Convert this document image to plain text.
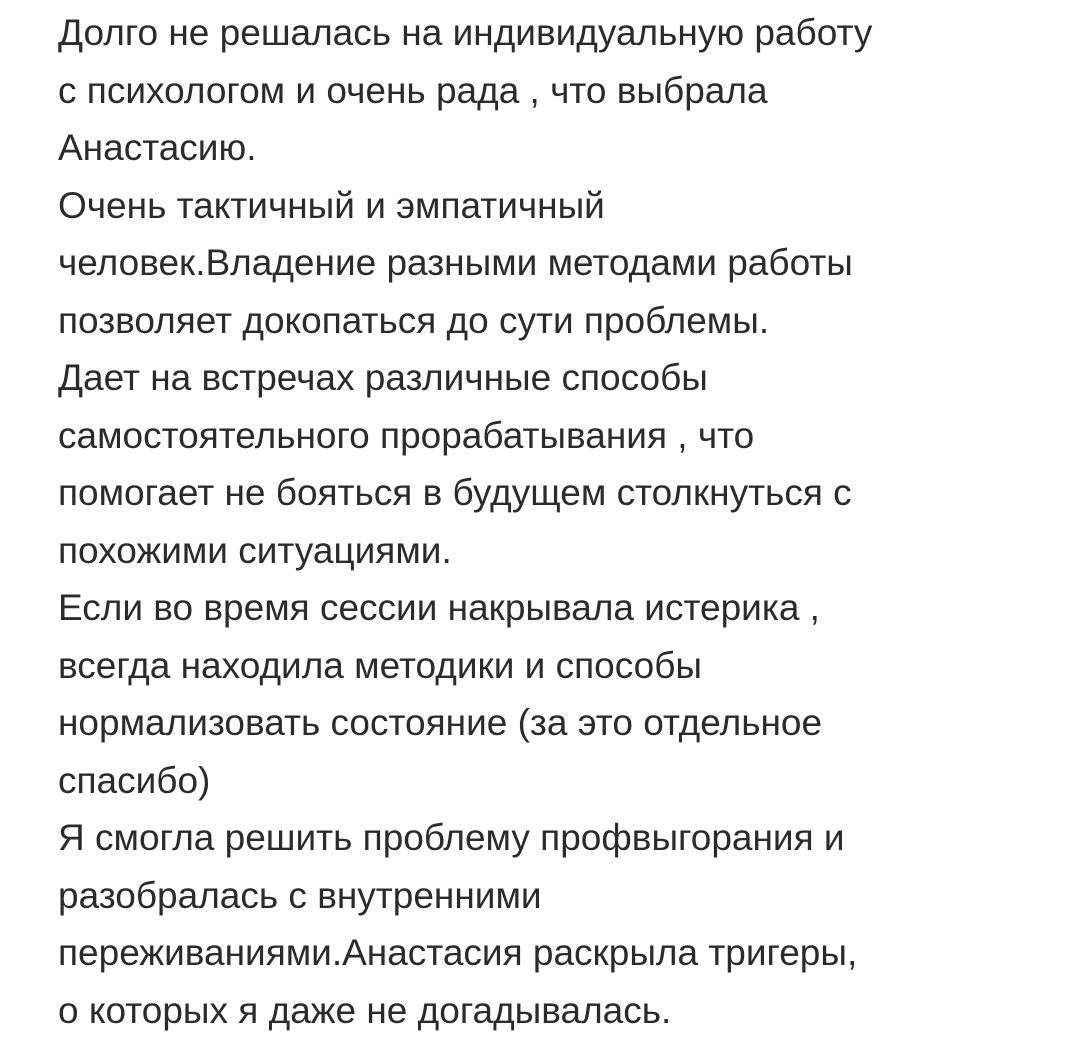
Долго не решалась на индивидуальную работу
с психологом и очень рада , что выбрала
Анастасию.
Очень тактичный и эмпатичный
человек.Владение разными методами работы
позволяет докопаться до сути проблемы.
Дает на встречах различные способы
самостоятельного прорабатывания , что
помогает не бояться в будущем столкнуться с
похожими ситуациями.
Если во время сессии накрывала истерика ,
всегда находила методики и способы
нормализовать состояние (за это отдельное
спасибо)
Я смогла решить проблему профвыгорания и
разобралась с внутренними
переживаниями.Анастасия раскрыла тригеры,
о которых я даже не догадывалась.
